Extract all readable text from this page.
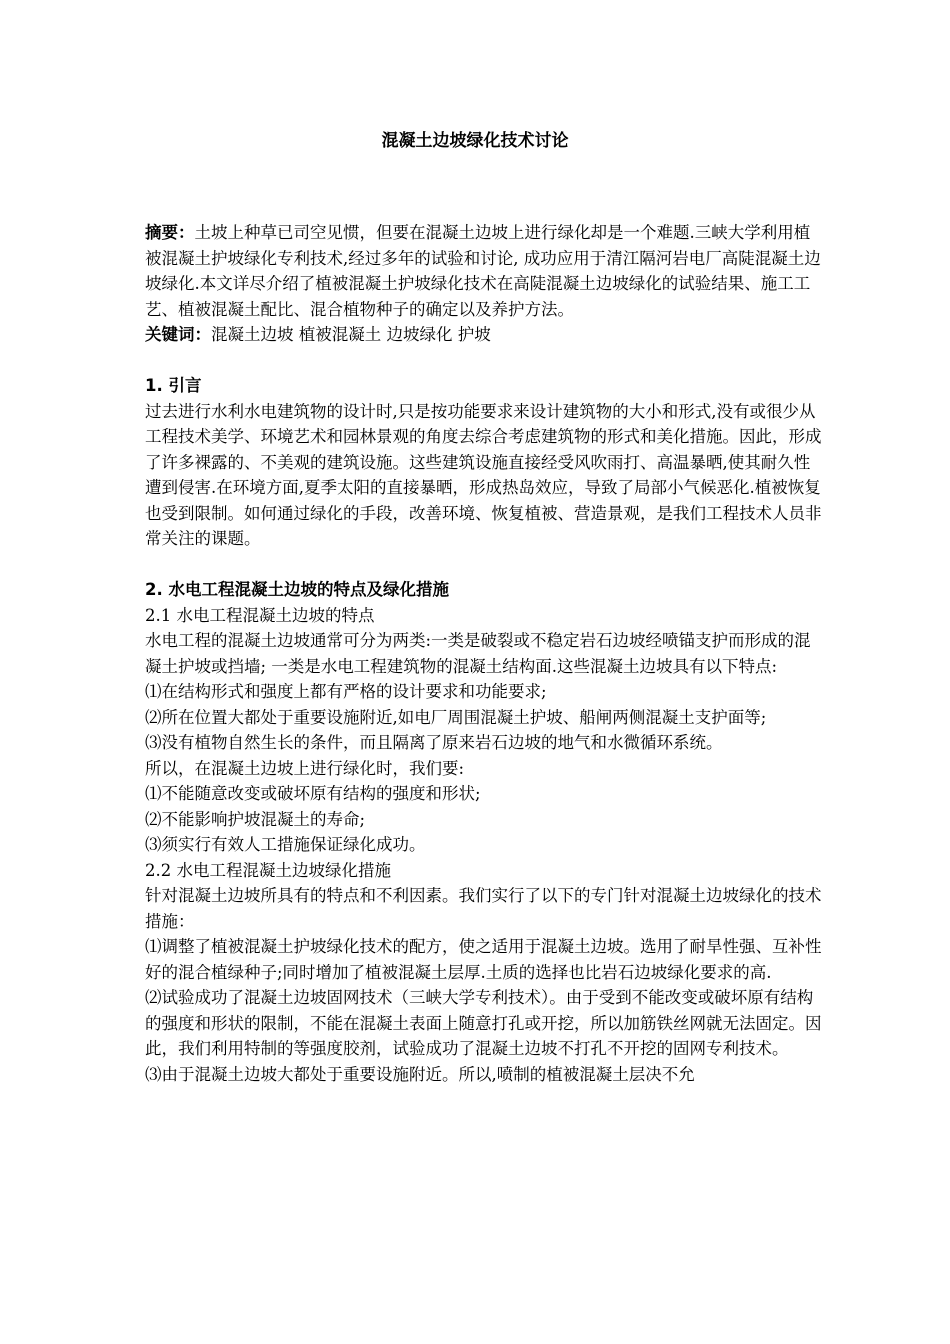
混凝土边坡绿化技术讨论

摘要：土坡上种草已司空见惯，但要在混凝土边坡上进行绿化却是一个难题.三峡大学利用植被混凝土护坡绿化专利技术,经过多年的试验和讨论, 成功应用于清江隔河岩电厂高陡混凝土边坡绿化.本文详尽介绍了植被混凝土护坡绿化技术在高陡混凝土边坡绿化的试验结果、施工工艺、植被混凝土配比、混合植物种子的确定以及养护方法。

关键词：混凝土边坡 植被混凝土 边坡绿化 护坡

1. 引言

过去进行水利水电建筑物的设计时,只是按功能要求来设计建筑物的大小和形式,没有或很少从工程技术美学、环境艺术和园林景观的角度去综合考虑建筑物的形式和美化措施。因此，形成了许多裸露的、不美观的建筑设施。这些建筑设施直接经受风吹雨打、高温暴晒,使其耐久性遭到侵害.在环境方面,夏季太阳的直接暴晒，形成热岛效应，导致了局部小气候恶化.植被恢复也受到限制。如何通过绿化的手段，改善环境、恢复植被、营造景观，是我们工程技术人员非常关注的课题。

2. 水电工程混凝土边坡的特点及绿化措施

2.1 水电工程混凝土边坡的特点

水电工程的混凝土边坡通常可分为两类:一类是破裂或不稳定岩石边坡经喷锚支护而形成的混凝土护坡或挡墙; 一类是水电工程建筑物的混凝土结构面.这些混凝土边坡具有以下特点:

⑴在结构形式和强度上都有严格的设计要求和功能要求;

⑵所在位置大都处于重要设施附近,如电厂周围混凝土护坡、船闸两侧混凝土支护面等;

⑶没有植物自然生长的条件，而且隔离了原来岩石边坡的地气和水微循环系统。

所以，在混凝土边坡上进行绿化时，我们要:

⑴不能随意改变或破坏原有结构的强度和形状;

⑵不能影响护坡混凝土的寿命;

⑶须实行有效人工措施保证绿化成功。

2.2 水电工程混凝土边坡绿化措施

针对混凝土边坡所具有的特点和不利因素。我们实行了以下的专门针对混凝土边坡绿化的技术措施：

⑴调整了植被混凝土护坡绿化技术的配方，使之适用于混凝土边坡。选用了耐旱性强、互补性好的混合植绿种子;同时增加了植被混凝土层厚.土质的选择也比岩石边坡绿化要求的高.

⑵试验成功了混凝土边坡固网技术（三峡大学专利技术）。由于受到不能改变或破坏原有结构的强度和形状的限制，不能在混凝土表面上随意打孔或开挖，所以加筋铁丝网就无法固定。因此，我们利用特制的等强度胶剂，试验成功了混凝土边坡不打孔不开挖的固网专利技术。

⑶由于混凝土边坡大都处于重要设施附近。所以,喷制的植被混凝土层决不允
